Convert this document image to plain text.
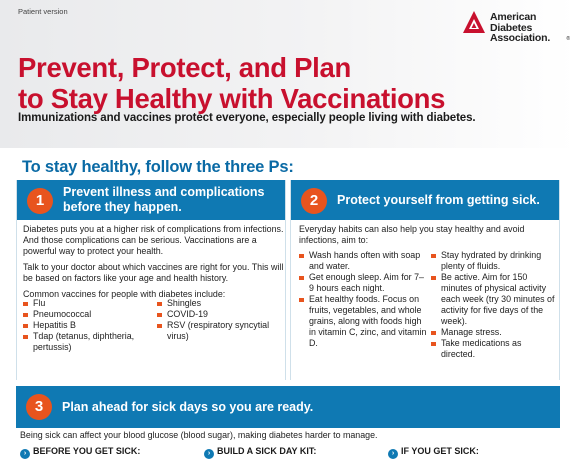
Patient version	American
Diabetes
Association.	®
Prevent, Protect, and Plan
to Stay Healthy with Vaccinations
Immunizations and vaccines protect everyone, especially people living with diabetes.
To stay healthy, follow the three Ps:
1	Prevent illness and complications
before they happen.

Diabetes puts you at a higher risk of complications from infections. And those complications can be serious. Vaccinations are a powerful way to protect your health.

Talk to your doctor about which vaccines are right for you. This will be based on factors like your age and health history.

Common vaccines for people with diabetes include:

Flu
Pneumococcal
Hepatitis B
Tdap (tetanus, diphtheria, pertussis)
Shingles
COVID-19
RSV (respiratory syncytial virus)
2	Protect yourself from getting sick.
Everyday habits can also help you stay healthy and avoid infections, aim to:
Wash hands often with soap and water.
Get enough sleep. Aim for 7–9 hours each night.
Eat healthy foods. Focus on fruits, vegetables, and whole grains, along with foods high in vitamin C, zinc, and vitamin D.
Stay hydrated by drinking plenty of fluids.
Be active. Aim for 150 minutes of physical activity each week (try 30 minutes of activity for five days of the week).
Manage stress.
Take medications as directed.
3	Plan ahead for sick days so you are ready.
Being sick can affect your blood glucose (blood sugar), making diabetes harder to manage.
› BEFORE YOU GET SICK:	› BUILD A SICK DAY KIT:	› IF YOU GET SICK:
